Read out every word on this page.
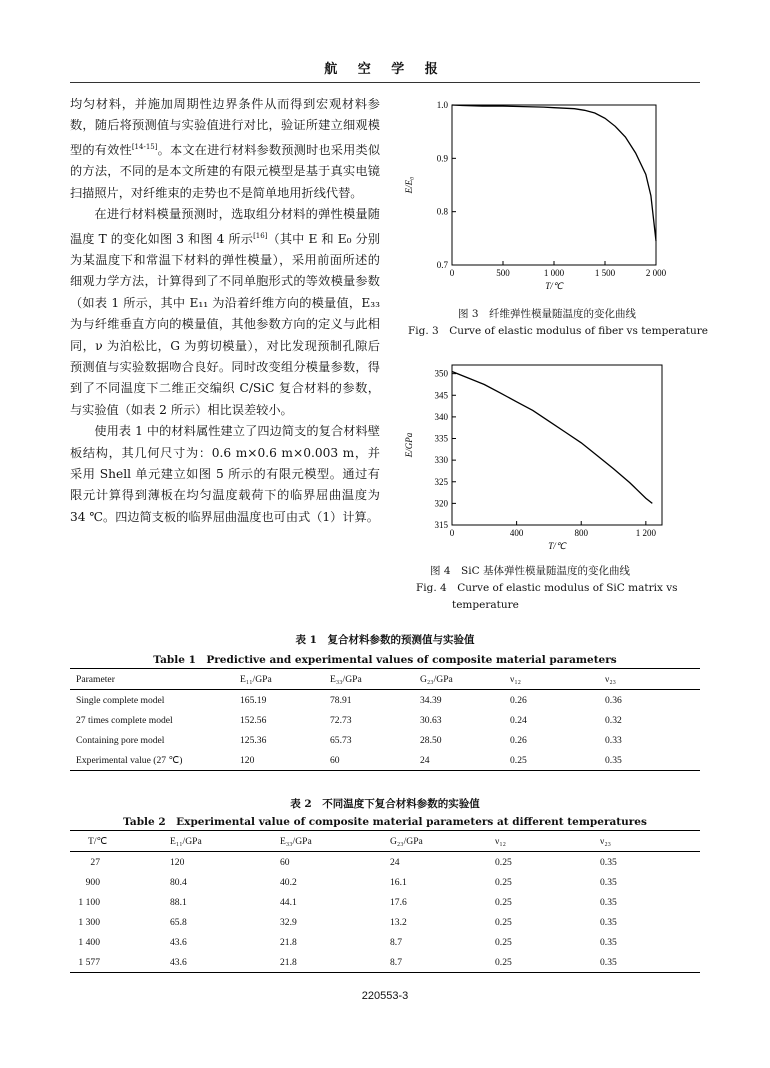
航 空 学 报

均匀材料，并施加周期性边界条件从而得到宏观材料参数，随后将预测值与实验值进行对比，验证所建立细观模型的有效性[14-15]。本文在进行材料参数预测时也采用类似的方法，不同的是本文所建的有限元模型是基于真实电镜扫描照片，对纤维束的走势也不是简单地用折线代替。

在进行材料模量预测时，选取组分材料的弹性模量随温度 T 的变化如图 3 和图 4 所示[16]（其中 E 和 E₀ 分别为某温度下和常温下材料的弹性模量），采用前面所述的细观力学方法，计算得到了不同单胞形式的等效模量参数（如表 1 所示，其中 E₁₁ 为沿着纤维方向的模量值，E₃₃ 为与纤维垂直方向的模量值，其他参数方向的定义与此相同，ν 为泊松比，G 为剪切模量），对比发现预制孔隙后预测值与实验数据吻合良好。同时改变组分模量参数，得到了不同温度下二维正交编织 C/SiC 复合材料的参数，与实验值（如表 2 所示）相比误差较小。

使用表 1 中的材料属性建立了四边简支的复合材料壁板结构，其几何尺寸为：0.6 m×0.6 m×0.003 m，并采用 Shell 单元建立如图 5 所示的有限元模型。通过有限元计算得到薄板在均匀温度载荷下的临界屈曲温度为 34 ℃。四边简支板的临界屈曲温度也可由式（1）计算。

0	500	1 000	1 500	2 000
0.7
0.8
0.9
1.0
T/℃
E/E₀
图 3　纤维弹性模量随温度的变化曲线
Fig. 3　Curve of elastic modulus of fiber vs temperature
0	400	800	1 200
315
320
325
330
335
340
345
350
T/℃
E/GPa
图 4　SiC 基体弹性模量随温度的变化曲线
Fig. 4　Curve of elastic modulus of SiC matrix vs
temperature
表 1　复合材料参数的预测值与实验值
Table 1　Predictive and experimental values of composite material parameters
Parameter	E₁₁/GPa	E₃₃/GPa	G₂₃/GPa	ν₁₂	ν₂₃
Single complete model	165.19	78.91	34.39	0.26	0.36
27 times complete model	152.56	72.73	30.63	0.24	0.32
Containing pore model	125.36	65.73	28.50	0.26	0.33
Experimental value (27 ℃)	120	60	24	0.25	0.35
表 2　不同温度下复合材料参数的实验值
Table 2　Experimental value of composite material parameters at different temperatures
T/℃	E₁₁/GPa	E₃₃/GPa	G₂₃/GPa	ν₁₂	ν₂₃
27	120	60	24	0.25	0.35
900	80.4	40.2	16.1	0.25	0.35
1 100	88.1	44.1	17.6	0.25	0.35
1 300	65.8	32.9	13.2	0.25	0.35
1 400	43.6	21.8	8.7	0.25	0.35
1 577	43.6	21.8	8.7	0.25	0.35
220553-3
